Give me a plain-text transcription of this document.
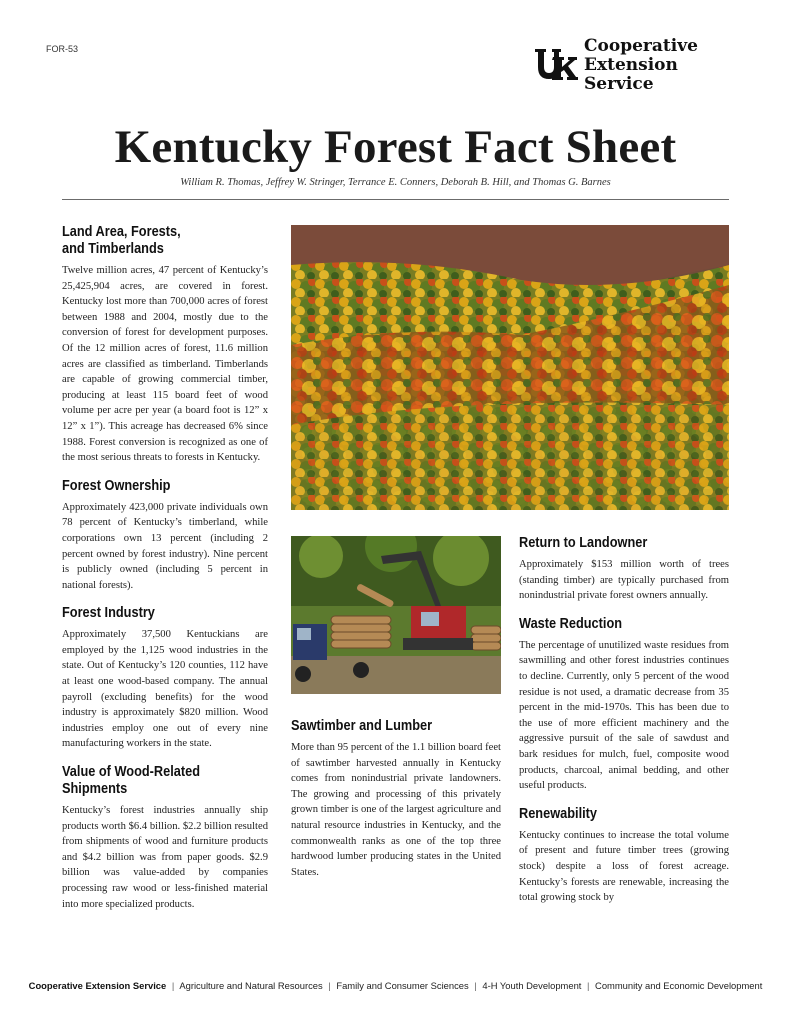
FOR-53	Cooperative
Extension Service
Kentucky Forest Fact Sheet
William R. Thomas, Jeffrey W. Stringer, Terrance E. Conners, Deborah B. Hill, and Thomas G. Barnes
Land Area, Forests,
and Timberlands

Twelve million acres, 47 percent of Kentucky’s 25,425,904 acres, are covered in forest. Kentucky lost more than 700,000 acres of forest between 1988 and 2004, mostly due to the conversion of forest for development purposes. Of the 12 million acres of forest, 11.6 million acres are classified as timberland. Timberlands are capable of growing commercial timber, producing at least 115 board feet of wood volume per acre per year (a board foot is 12” x 12” x 1”). This acreage has decreased 6% since 1988. Forest conversion is recognized as one of the most serious threats to forests in Kentucky.

Forest Ownership

Approximately 423,000 private individuals own 78 percent of Kentucky’s timberland, while corporations own 13 percent (including 2 percent owned by forest industry). Nine percent is publicly owned (including 5 percent in national forests).

Forest Industry

Approximately 37,500 Kentuckians are employed by the 1,125 wood industries in the state. Out of Kentucky’s 120 counties, 112 have at least one wood-based company. The annual payroll (excluding benefits) for the wood industry is approximately $820 million. Wood industries employ one out of every nine manufacturing workers in the state.

Value of Wood-Related
Shipments

Kentucky’s forest industries annually ship products worth $6.4 billion. $2.2 billion resulted from shipments of wood and furniture products and $4.2 billion was from paper goods. $2.9 billion was value-added by companies processing raw wood or less-finished material into more specialized products.

Sawtimber and Lumber

More than 95 percent of the 1.1 billion board feet of sawtimber harvested annually in Kentucky comes from nonindustrial private landowners. The growing and processing of this privately grown timber is one of the largest agriculture and natural resource industries in Kentucky, and the commonwealth ranks as one of the top three hardwood lumber producing states in the United States.

Return to Landowner

Approximately $153 million worth of trees (standing timber) are typically purchased from nonindustrial private forest owners annually.

Waste Reduction

The percentage of unutilized waste residues from sawmilling and other forest industries continues to decline. Currently, only 5 percent of the wood residue is not used, a dramatic decrease from 35 percent in the mid-1970s. This has been due to the use of more efficient machinery and the aggressive pursuit of the sale of sawdust and bark residues for mulch, fuel, composite wood products, charcoal, animal bedding, and other useful products.

Renewability

Kentucky continues to increase the total volume of present and future timber trees (growing stock) despite a loss of forest acreage. Kentucky’s forests are renewable, increasing the total growing stock by

Cooperative Extension Service | Agriculture and Natural Resources | Family and Consumer Sciences | 4-H Youth Development | Community and Economic Development
